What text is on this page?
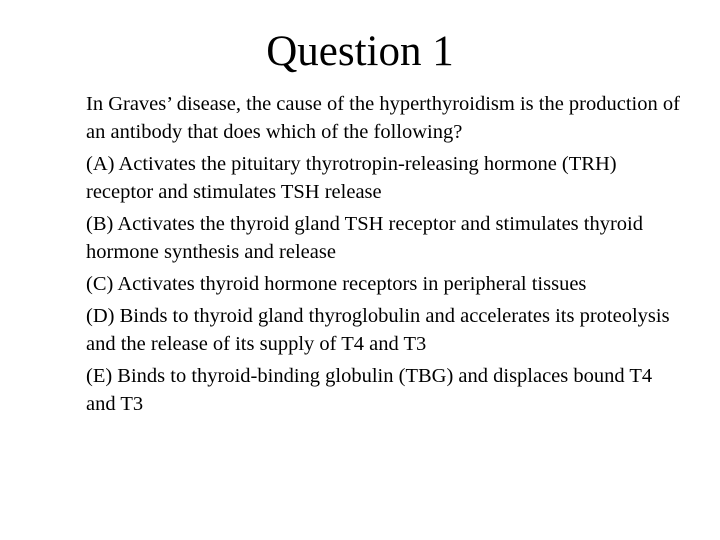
Question 1

In Graves’ disease, the cause of the hyperthyroidism is the production of an antibody that does which of the following?

(A) Activates the pituitary thyrotropin-releasing hormone (TRH) receptor and stimulates TSH release

(B) Activates the thyroid gland TSH receptor and stimulates thyroid hormone synthesis and release

(C) Activates thyroid hormone receptors in peripheral tissues

(D) Binds to thyroid gland thyroglobulin and accelerates its proteolysis and the release of its supply of T4 and T3

(E) Binds to thyroid-binding globulin (TBG) and displaces bound T4 and T3
